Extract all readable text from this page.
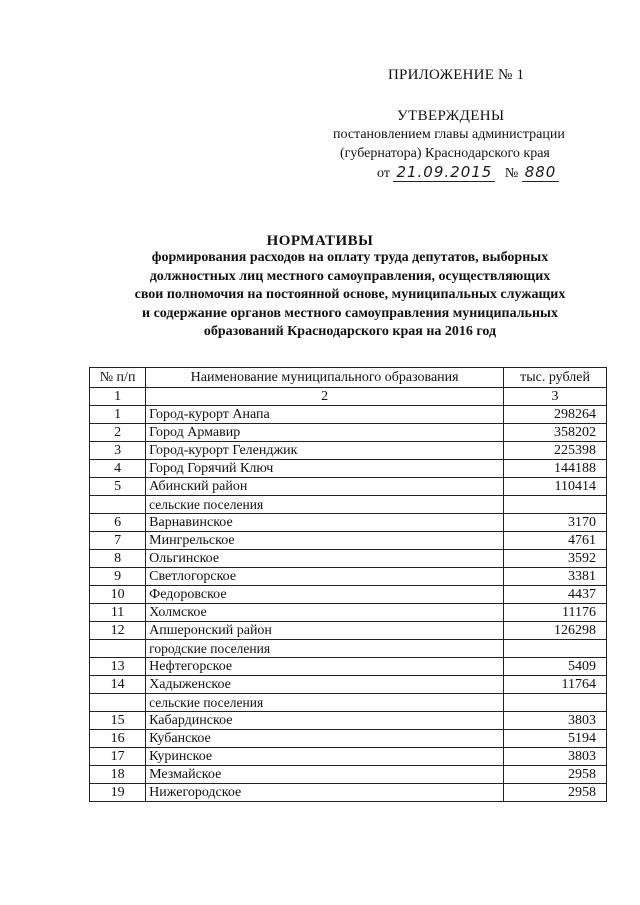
ПРИЛОЖЕНИЕ № 1
УТВЕРЖДЕНЫ
постановлением главы администрации
(губернатора) Краснодарского края
от 21.09.2015 № 880
НОРМАТИВЫ
формирования расходов на оплату труда депутатов, выборных
должностных лиц местного самоуправления, осуществляющих
свои полномочия на постоянной основе, муниципальных служащих
и содержание органов местного самоуправления муниципальных
образований Краснодарского края на 2016 год
№ п/п	Наименование муниципального образования	тыс. рублей
1	2	3
1	Город-курорт Анапа	298264
2	Город Армавир	358202
3	Город-курорт Геленджик	225398
4	Город Горячий Ключ	144188
5	Абинский район	110414
	сельские поселения	
6	Варнавинское	3170
7	Мингрельское	4761
8	Ольгинское	3592
9	Светлогорское	3381
10	Федоровское	4437
11	Холмское	11176
12	Апшеронский район	126298
	городские поселения	
13	Нефтегорское	5409
14	Хадыженское	11764
	сельские поселения	
15	Кабардинское	3803
16	Кубанское	5194
17	Куринское	3803
18	Мезмайское	2958
19	Нижегородское	2958
